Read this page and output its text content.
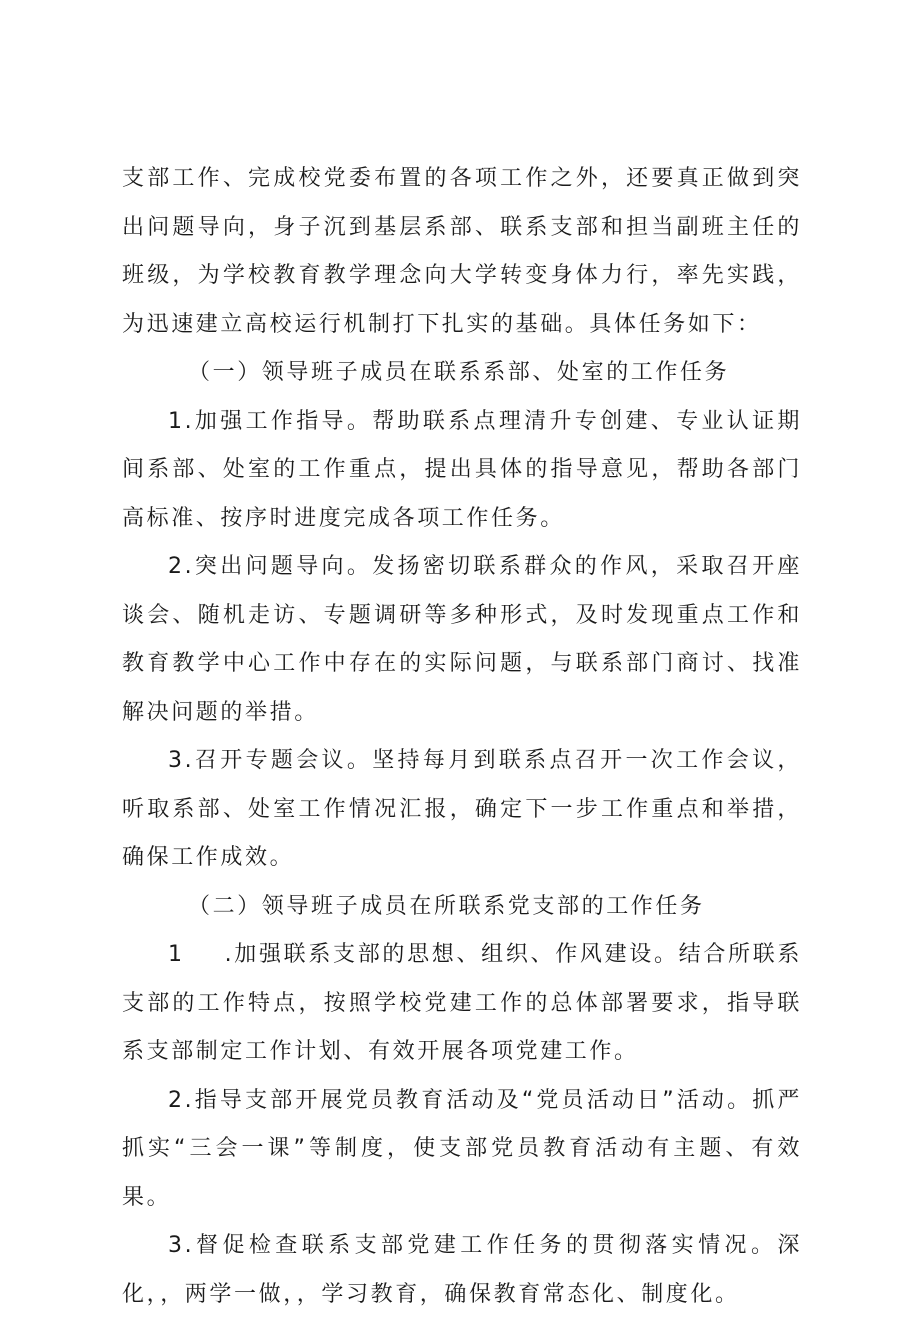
支部工作、完成校党委布置的各项工作之外，还要真正做到突出问题导向，身子沉到基层系部、联系支部和担当副班主任的班级，为学校教育教学理念向大学转变身体力行，率先实践，为迅速建立高校运行机制打下扎实的基础。具体任务如下：

（一）领导班子成员在联系系部、处室的工作任务

1.加强工作指导。帮助联系点理清升专创建、专业认证期间系部、处室的工作重点，提出具体的指导意见，帮助各部门高标准、按序时进度完成各项工作任务。

2.突出问题导向。发扬密切联系群众的作风，采取召开座谈会、随机走访、专题调研等多种形式，及时发现重点工作和教育教学中心工作中存在的实际问题，与联系部门商讨、找准解决问题的举措。

3.召开专题会议。坚持每月到联系点召开一次工作会议，听取系部、处室工作情况汇报，确定下一步工作重点和举措，确保工作成效。

（二）领导班子成员在所联系党支部的工作任务

1 .加强联系支部的思想、组织、作风建设。结合所联系支部的工作特点，按照学校党建工作的总体部署要求，指导联系支部制定工作计划、有效开展各项党建工作。

2.指导支部开展党员教育活动及“党员活动日”活动。抓严抓实“三会一课”等制度，使支部党员教育活动有主题、有效果。

3.督促检查联系支部党建工作任务的贯彻落实情况。深化，，两学一做，，学习教育，确保教育常态化、制度化。
